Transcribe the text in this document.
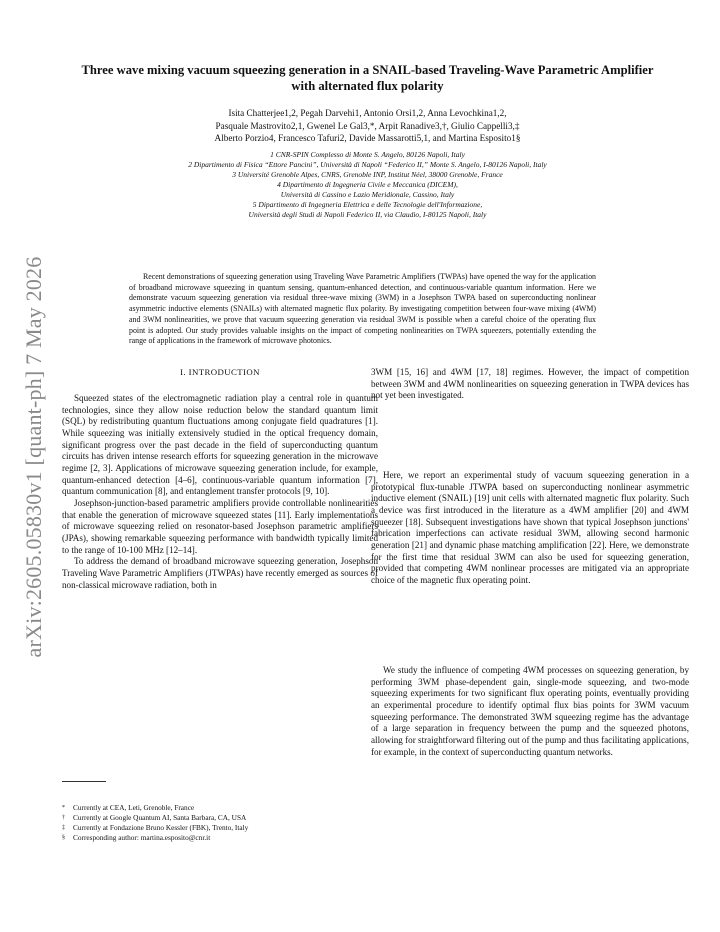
arXiv:2605.05830v1 [quant-ph] 7 May 2026
Three wave mixing vacuum squeezing generation in a SNAIL-based Traveling-Wave Parametric Amplifier with alternated flux polarity
Isita Chatterjee1,2, Pegah Darvehi1, Antonio Orsi1,2, Anna Levochkina1,2,
Pasquale Mastrovito2,1, Gwenel Le Gal3,*, Arpit Ranadive3,†, Giulio Cappelli3,‡
Alberto Porzio4, Francesco Tafuri2, Davide Massarotti5,1, and Martina Esposito1§
1 CNR-SPIN Complesso di Monte S. Angelo, 80126 Napoli, Italy
2 Dipartimento di Fisica “Ettore Pancini”, Università di Napoli “Federico II,” Monte S. Angelo, I-80126 Napoli, Italy
3 Université Grenoble Alpes, CNRS, Grenoble INP, Institut Néel, 38000 Grenoble, France
4 Dipartimento di Ingegneria Civile e Meccanica (DICEM),
Università di Cassino e Lazio Meridionale, Cassino, Italy
5 Dipartimento di Ingegneria Elettrica e delle Tecnologie dell'Informazione,
Università degli Studi di Napoli Federico II, via Claudio, I-80125 Napoli, Italy

Recent demonstrations of squeezing generation using Traveling Wave Parametric Amplifiers (TWPAs) have opened the way for the application of broadband microwave squeezing in quantum sensing, quantum-enhanced detection, and continuous-variable quantum information. Here we demonstrate vacuum squeezing generation via residual three-wave mixing (3WM) in a Josephson TWPA based on superconducting nonlinear asymmetric inductive elements (SNAILs) with alternated magnetic flux polarity. By investigating competition between four-wave mixing (4WM) and 3WM nonlinearities, we prove that vacuum squeezing generation via residual 3WM is possible when a careful choice of the operating flux point is adopted. Our study provides valuable insights on the impact of competing nonlinearities on TWPA squeezers, potentially extending the range of applications in the framework of microwave photonics.

I. INTRODUCTION

Squeezed states of the electromagnetic radiation play a central role in quantum technologies, since they allow noise reduction below the standard quantum limit (SQL) by redistributing quantum fluctuations among conjugate field quadratures [1]. While squeezing was initially extensively studied in the optical frequency domain, significant progress over the past decade in the field of superconducting quantum circuits has driven intense research efforts for squeezing generation in the microwave regime [2, 3]. Applications of microwave squeezing generation include, for example, quantum-enhanced detection [4–6], continuous-variable quantum information [7], quantum communication [8], and entanglement transfer protocols [9, 10].

Josephson-junction-based parametric amplifiers provide controllable nonlinearities that enable the generation of microwave squeezed states [11]. Early implementations of microwave squeezing relied on resonator-based Josephson parametric amplifiers (JPAs), showing remarkable squeezing performance with bandwidth typically limited to the range of 10-100 MHz [12–14].

To address the demand of broadband microwave squeezing generation, Josephson Traveling Wave Parametric Amplifiers (JTWPAs) have recently emerged as sources of non-classical microwave radiation, both in

3WM [15, 16] and 4WM [17, 18] regimes. However, the impact of competition between 3WM and 4WM nonlinearities on squeezing generation in TWPA devices has not yet been investigated.

Here, we report an experimental study of vacuum squeezing generation in a prototypical flux-tunable JTWPA based on superconducting nonlinear asymmetric inductive element (SNAIL) [19] unit cells with alternated magnetic flux polarity. Such a device was first introduced in the literature as a 4WM amplifier [20] and 4WM squeezer [18]. Subsequent investigations have shown that typical Josephson junctions' fabrication imperfections can activate residual 3WM, allowing second harmonic generation [21] and dynamic phase matching amplification [22]. Here, we demonstrate for the first time that residual 3WM can also be used for squeezing generation, provided that competing 4WM nonlinear processes are mitigated via an appropriate choice of the magnetic flux operating point.

We study the influence of competing 4WM processes on squeezing generation, by performing 3WM phase-dependent gain, single-mode squeezing, and two-mode squeezing experiments for two significant flux operating points, eventually providing an experimental procedure to identify optimal flux bias points for 3WM vacuum squeezing performance. The demonstrated 3WM squeezing regime has the advantage of a large separation in frequency between the pump and the squeezed photons, allowing for straightforward filtering out of the pump and thus facilitating applications, for example, in the context of superconducting quantum networks.

* Currently at CEA, Leti, Grenoble, France
† Currently at Google Quantum AI, Santa Barbara, CA, USA
‡ Currently at Fondazione Bruno Kessler (FBK), Trento, Italy
§ Corresponding author: martina.esposito@cnr.it
